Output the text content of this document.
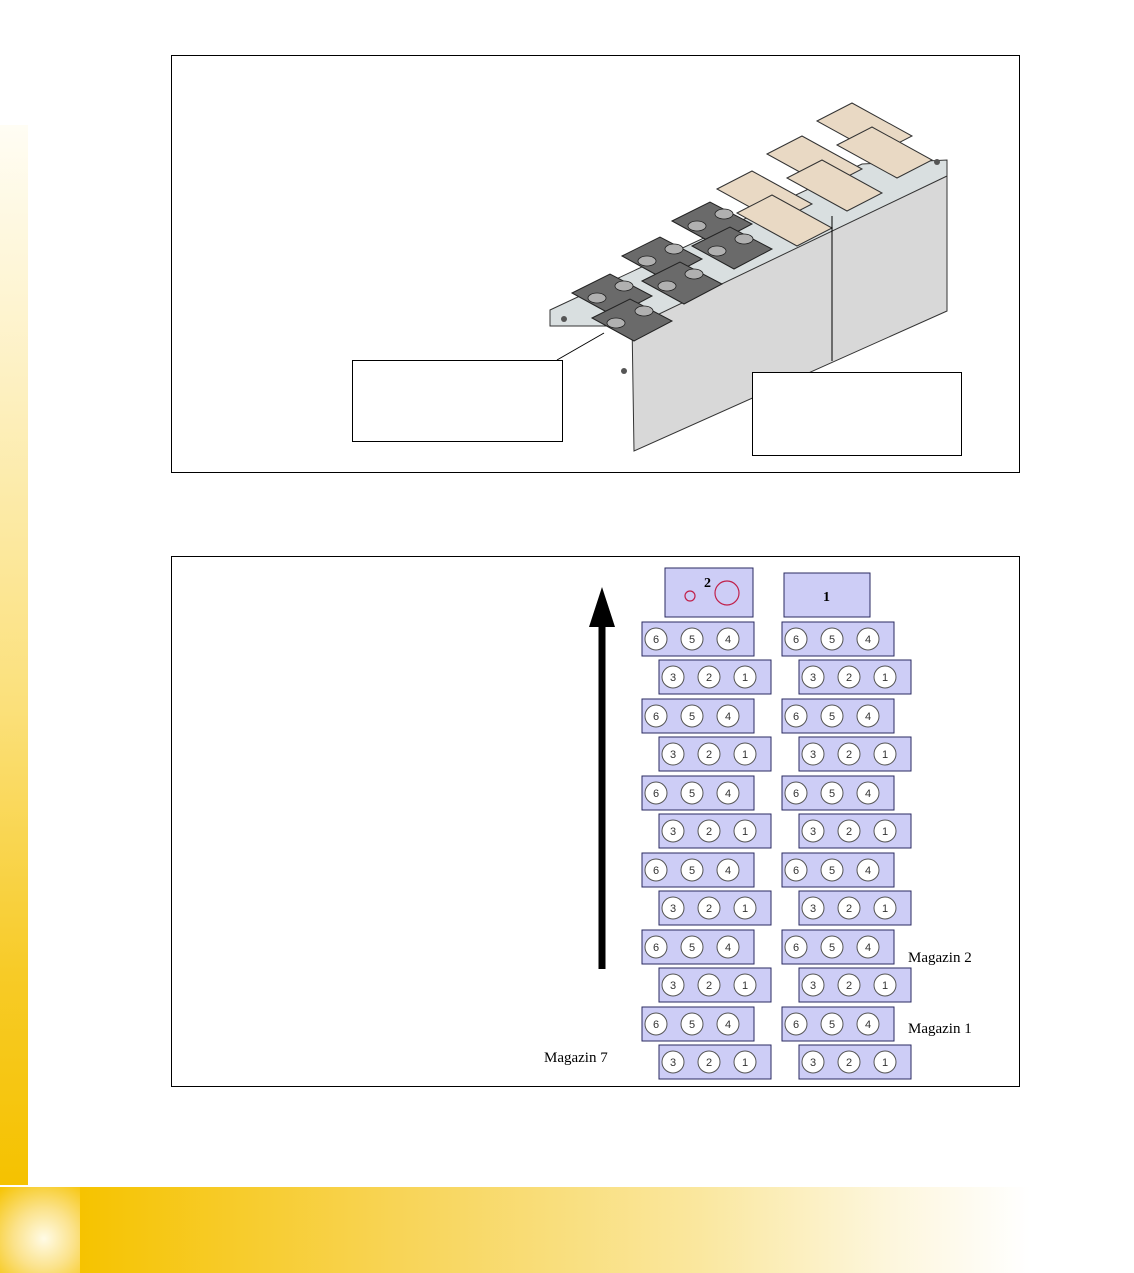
2
1
6	5	4
3	2	1
6	5	4
3	2	1
6	5	4
3	2	1
6	5	4
3	2	1
6	5	4
3	2	1
6	5	4
3	2	1
6	5	4
3	2	1
6	5	4
3	2	1
6	5	4
3	2	1
6	5	4
3	2	1
6	5	4
3	2	1
6	5	4
3	2	1
Magazin 7
Magazin 2
Magazin 1
